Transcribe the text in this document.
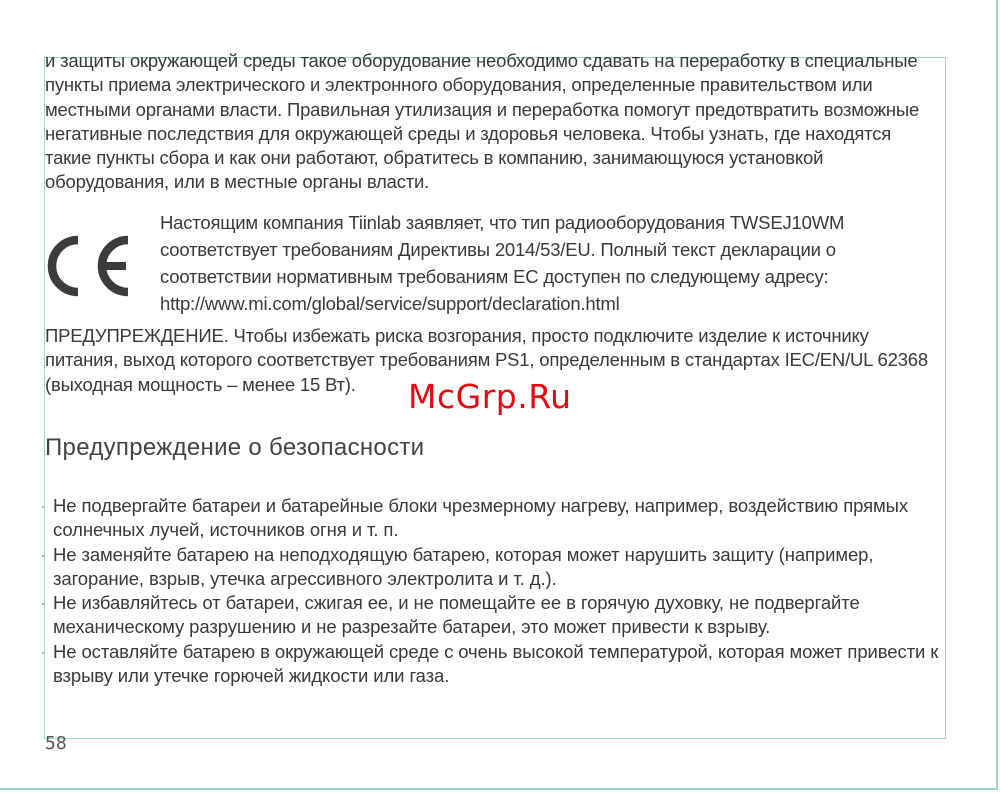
и защиты окружающей среды такое оборудование необходимо сдавать на переработку в специальные пункты приема электрического и электронного оборудования, определенные правительством или местными органами власти. Правильная утилизация и переработка помогут предотвратить возможные негативные последствия для окружающей среды и здоровья человека. Чтобы узнать, где находятся такие пункты сбора и как они работают, обратитесь в компанию, занимающуюся установкой оборудования, или в местные органы власти.

Настоящим компания Tiinlab заявляет, что тип радиооборудования TWSEJ10WM соответствует требованиям Директивы 2014/53/EU. Полный текст декларации о соответствии нормативным требованиям ЕС доступен по следующему адресу: http://www.mi.com/global/service/support/declaration.html

ПРЕДУПРЕЖДЕНИЕ. Чтобы избежать риска возгорания, просто подключите изделие к источнику питания, выход которого соответствует требованиям PS1, определенным в стандартах IEC/EN/UL 62368 (выходная мощность – менее 15 Вт).	McGrp.Ru
Предупреждение о безопасности
· Не подвергайте батареи и батарейные блоки чрезмерному нагреву, например, воздействию прямых солнечных лучей, источников огня и т. п.
· Не заменяйте батарею на неподходящую батарею, которая может нарушить защиту (например, загорание, взрыв, утечка агрессивного электролита и т. д.).
· Не избавляйтесь от батареи, сжигая ее, и не помещайте ее в горячую духовку, не подвергайте механическому разрушению и не разрезайте батареи, это может привести к взрыву.
· Не оставляйте батарею в окружающей среде с очень высокой температурой, которая может привести к взрыву или утечке горючей жидкости или газа.
58
